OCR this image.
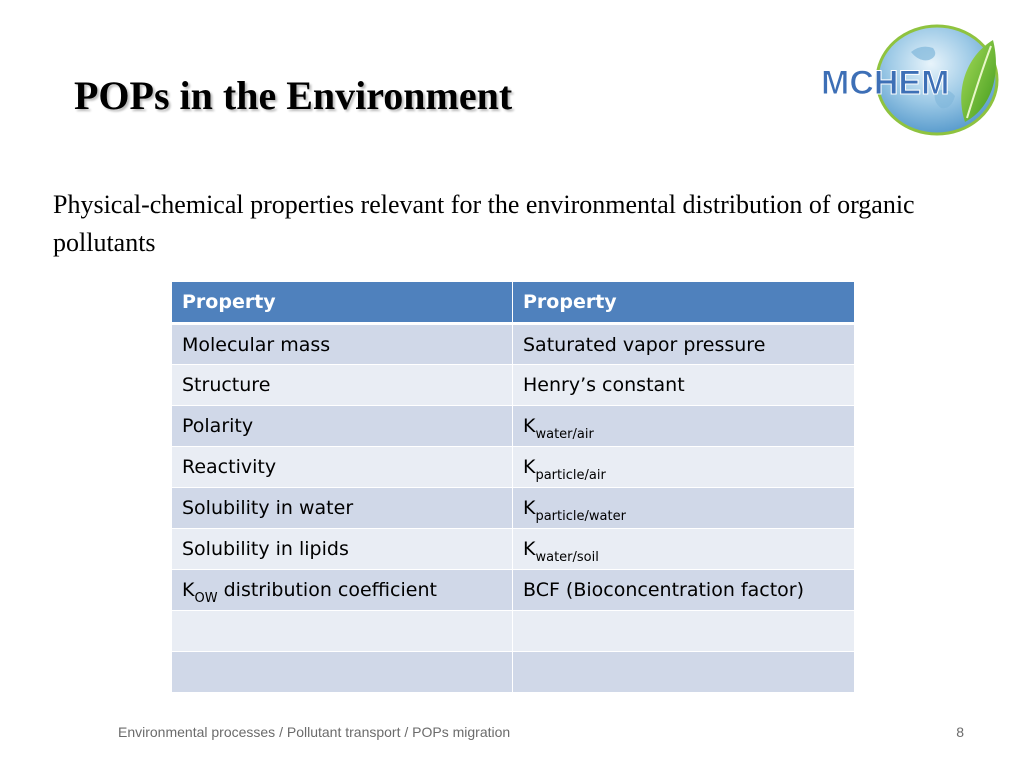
POPs in the Environment	MCHEM

Physical-chemical properties relevant for the environmental distribution of organic pollutants

Property	Property
Molecular mass	Saturated vapor pressure
Structure	Henry’s constant
Polarity	$K_{water/air}$
Reactivity	$K_{particle/air}$
Solubility in water	$K_{particle/water}$
Solubility in lipids	$K_{water/soil}$
$K_{OW}$ distribution coefficient	BCF (Bioconcentration factor)

Environmental processes / Pollutant transport / POPs migration	8
